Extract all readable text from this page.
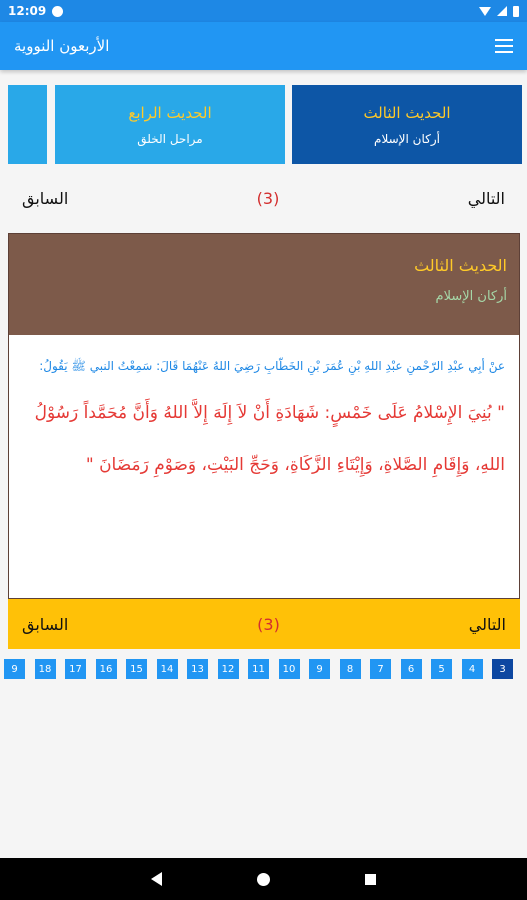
12:09
الأربعون النووية
الحديث الثالث
أركان الإسلام
الحديث الرابع
مراحل الخلق
السابق	(3)	التالي
الحديث الثالث
أركان الإسلام
عنْ أبِي عبْدِ الرّحْمنِ عبْدِ اللهِ بْنِ عُمَرَ بْنِ الخَطّابِ رَضِيَ اللهُ عَنْهُمَا قَالَ: سَمِعْتُ النبي ﷺ يَقُولُ:
" بُنِيَ الإِسْلامُ عَلَى خَمْسٍ: شَهَادَةِ أَنْ لاَ إِلَهَ إِلاَّ اللهُ وَأَنَّ مُحَمَّداً رَسُوْلُ اللهِ، وَإِقَامِ الصَّلاةِ، وَإِيْتَاءِ الزَّكَاةِ، وَحَجِّ البَيْتِ، وَصَوْمِ رَمَضَانَ "
السابق	(3)	التالي
3
4
5
6
7
8
9
10
11
12
13
14
15
16
17
18
9
